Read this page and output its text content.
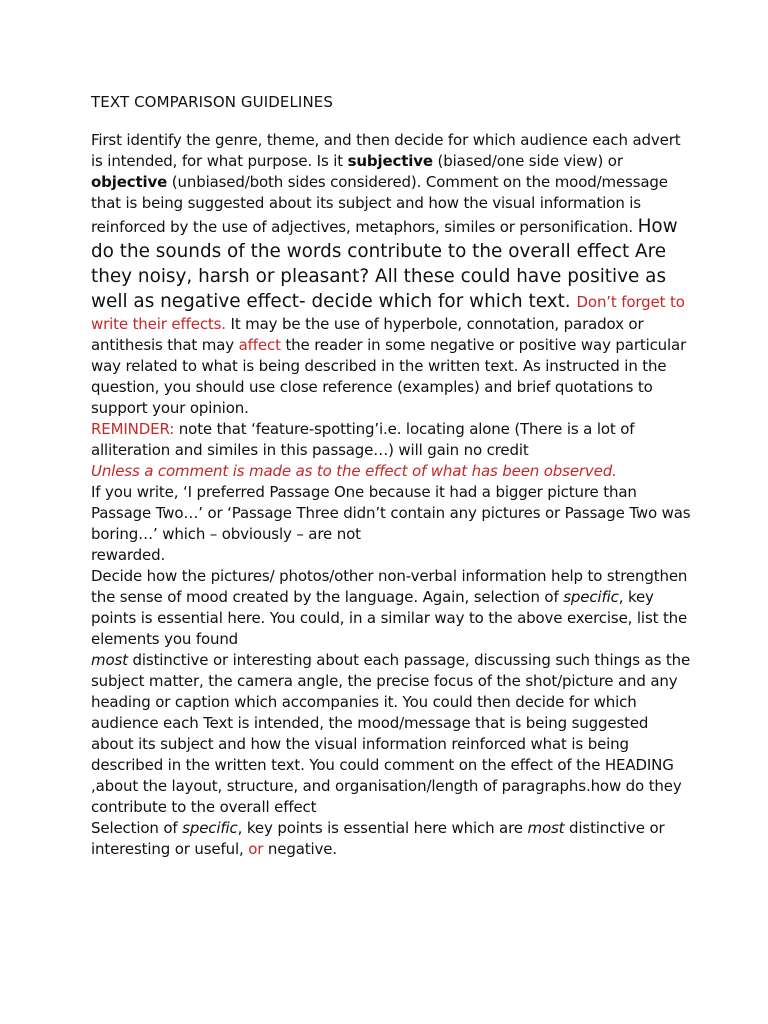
TEXT COMPARISON GUIDELINES

First identify the genre, theme, and then decide for which audience each advert is intended, for what purpose. Is it subjective (biased/one side view) or objective (unbiased/both sides considered). Comment on the mood/message that is being suggested about its subject and how the visual information is reinforced by the use of adjectives, metaphors, similes or personification. How do the sounds of the words contribute to the overall effect Are they noisy, harsh or pleasant? All these could have positive as well as negative effect- decide which for which text. Don’t forget to write their effects. It may be the use of hyperbole, connotation, paradox or antithesis that may affect the reader in some negative or positive way particular way related to what is being described in the written text. As instructed in the question, you should use close reference (examples) and brief quotations to support your opinion.

REMINDER: note that ‘feature-spotting’i.e. locating alone (There is a lot of alliteration and similes in this passage…) will gain no credit
Unless a comment is made as to the effect of what has been observed.

If you write, ‘I preferred Passage One because it had a bigger picture than Passage Two…’ or ‘Passage Three didn’t contain any pictures or Passage Two was boring…’ which – obviously – are not
rewarded.

Decide how the pictures/ photos/other non-verbal information help to strengthen the sense of mood created by the language. Again, selection of specific, key points is essential here. You could, in a similar way to the above exercise, list the elements you found
most distinctive or interesting about each passage, discussing such things as the subject matter, the camera angle, the precise focus of the shot/picture and any heading or caption which accompanies it. You could then decide for which audience each Text is intended, the mood/message that is being suggested about its subject and how the visual information reinforced what is being described in the written text. You could comment on the effect of the HEADING ,about the layout, structure, and organisation/length of paragraphs.how do they contribute to the overall effect

Selection of specific, key points is essential here which are most distinctive or interesting or useful, or negative.
